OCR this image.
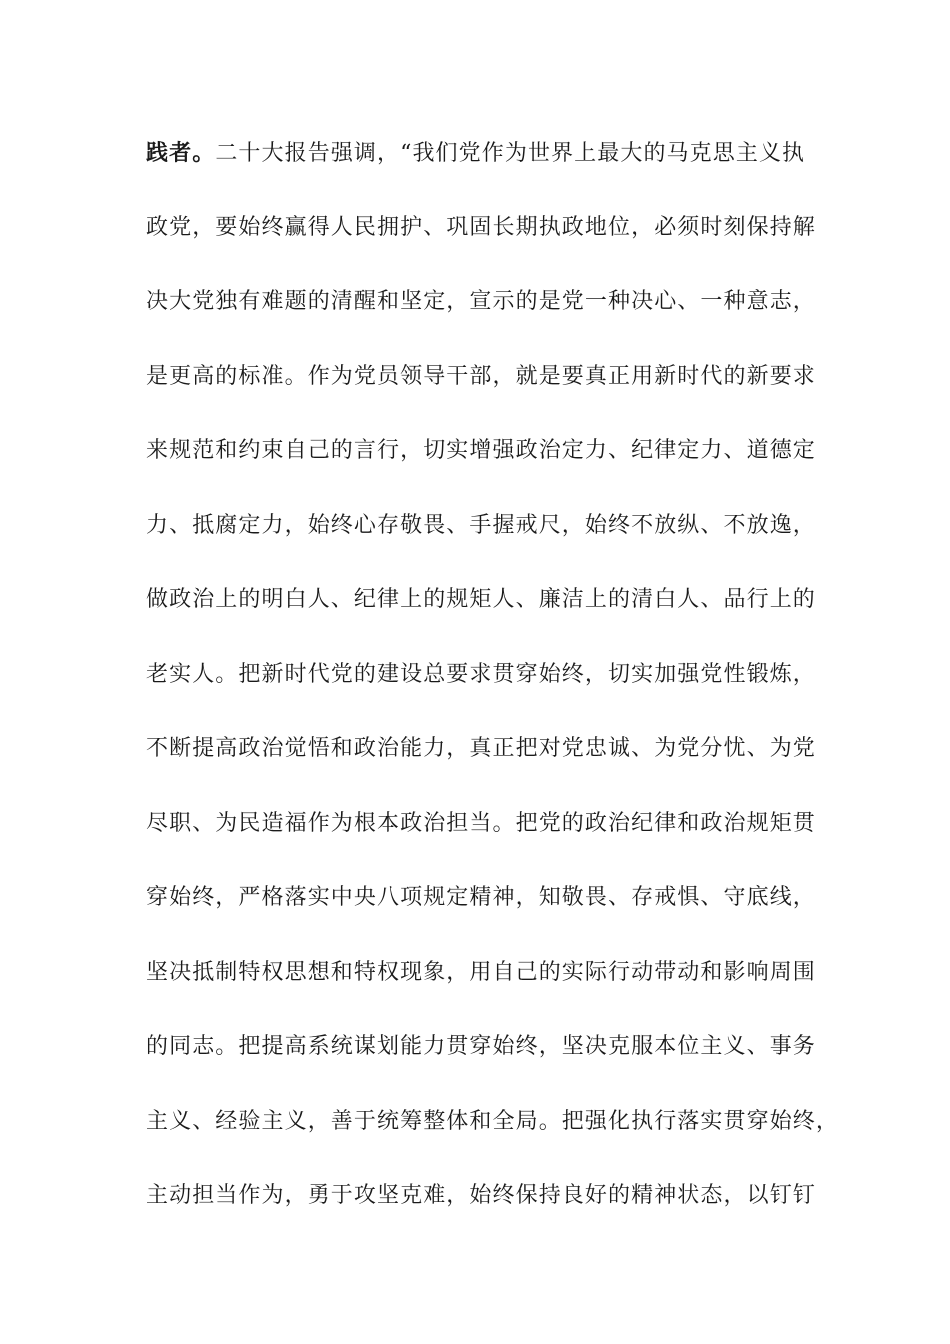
践者。二十大报告强调，“我们党作为世界上最大的马克思主义执
政党，要始终赢得人民拥护、巩固长期执政地位，必须时刻保持解
决大党独有难题的清醒和坚定，宣示的是党一种决心、一种意志，
是更高的标准。作为党员领导干部，就是要真正用新时代的新要求
来规范和约束自己的言行，切实增强政治定力、纪律定力、道德定
力、抵腐定力，始终心存敬畏、手握戒尺，始终不放纵、不放逸，
做政治上的明白人、纪律上的规矩人、廉洁上的清白人、品行上的
老实人。把新时代党的建设总要求贯穿始终，切实加强党性锻炼，
不断提高政治觉悟和政治能力，真正把对党忠诚、为党分忧、为党
尽职、为民造福作为根本政治担当。把党的政治纪律和政治规矩贯
穿始终，严格落实中央八项规定精神，知敬畏、存戒惧、守底线，
坚决抵制特权思想和特权现象，用自己的实际行动带动和影响周围
的同志。把提高系统谋划能力贯穿始终，坚决克服本位主义、事务
主义、经验主义，善于统筹整体和全局。把强化执行落实贯穿始终，
主动担当作为，勇于攻坚克难，始终保持良好的精神状态，以钉钉
